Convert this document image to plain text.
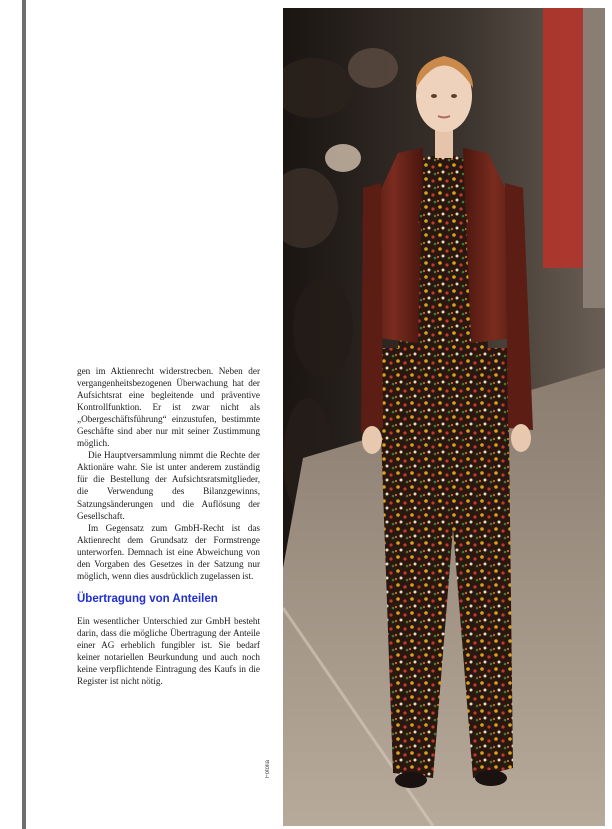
gen im Aktienrecht widerstrecben. Neben der vergangenheitsbezogenen Überwachung hat der Aufsichtsrat eine begleitende und präventive Kontrollfunktion. Er ist zwar nicht als „Obergeschäftsführung“ einzustufen, bestimmte Geschäfte sind aber nur mit seiner Zustimmung möglich.

Die Hauptversammlung nimmt die Rechte der Aktionäre wahr. Sie ist unter anderem zuständig für die Bestellung der Aufsichtsratsmitglieder, die Verwendung des Bilanzgewinns, Satzungsänderungen und die Auflösung der Gesellschaft.

Im Gegensatz zum GmbH-Recht ist das Aktienrecht dem Grundsatz der Formstrenge unterworfen. Demnach ist eine Abweichung von den Vorgaben des Gesetzes in der Satzung nur möglich, wenn dies ausdrücklich zugelassen ist.

Übertragung von Anteilen

Ein wesentlicher Unterschied zur GmbH besteht darin, dass die mögliche Übertragung der Anteile einer AG erheblich fungibler ist. Sie bedarf keiner notariellen Beurkundung und auch noch keine verpflichtende Eintragung des Kaufs in die Register ist nicht nötig.

Fotolia
